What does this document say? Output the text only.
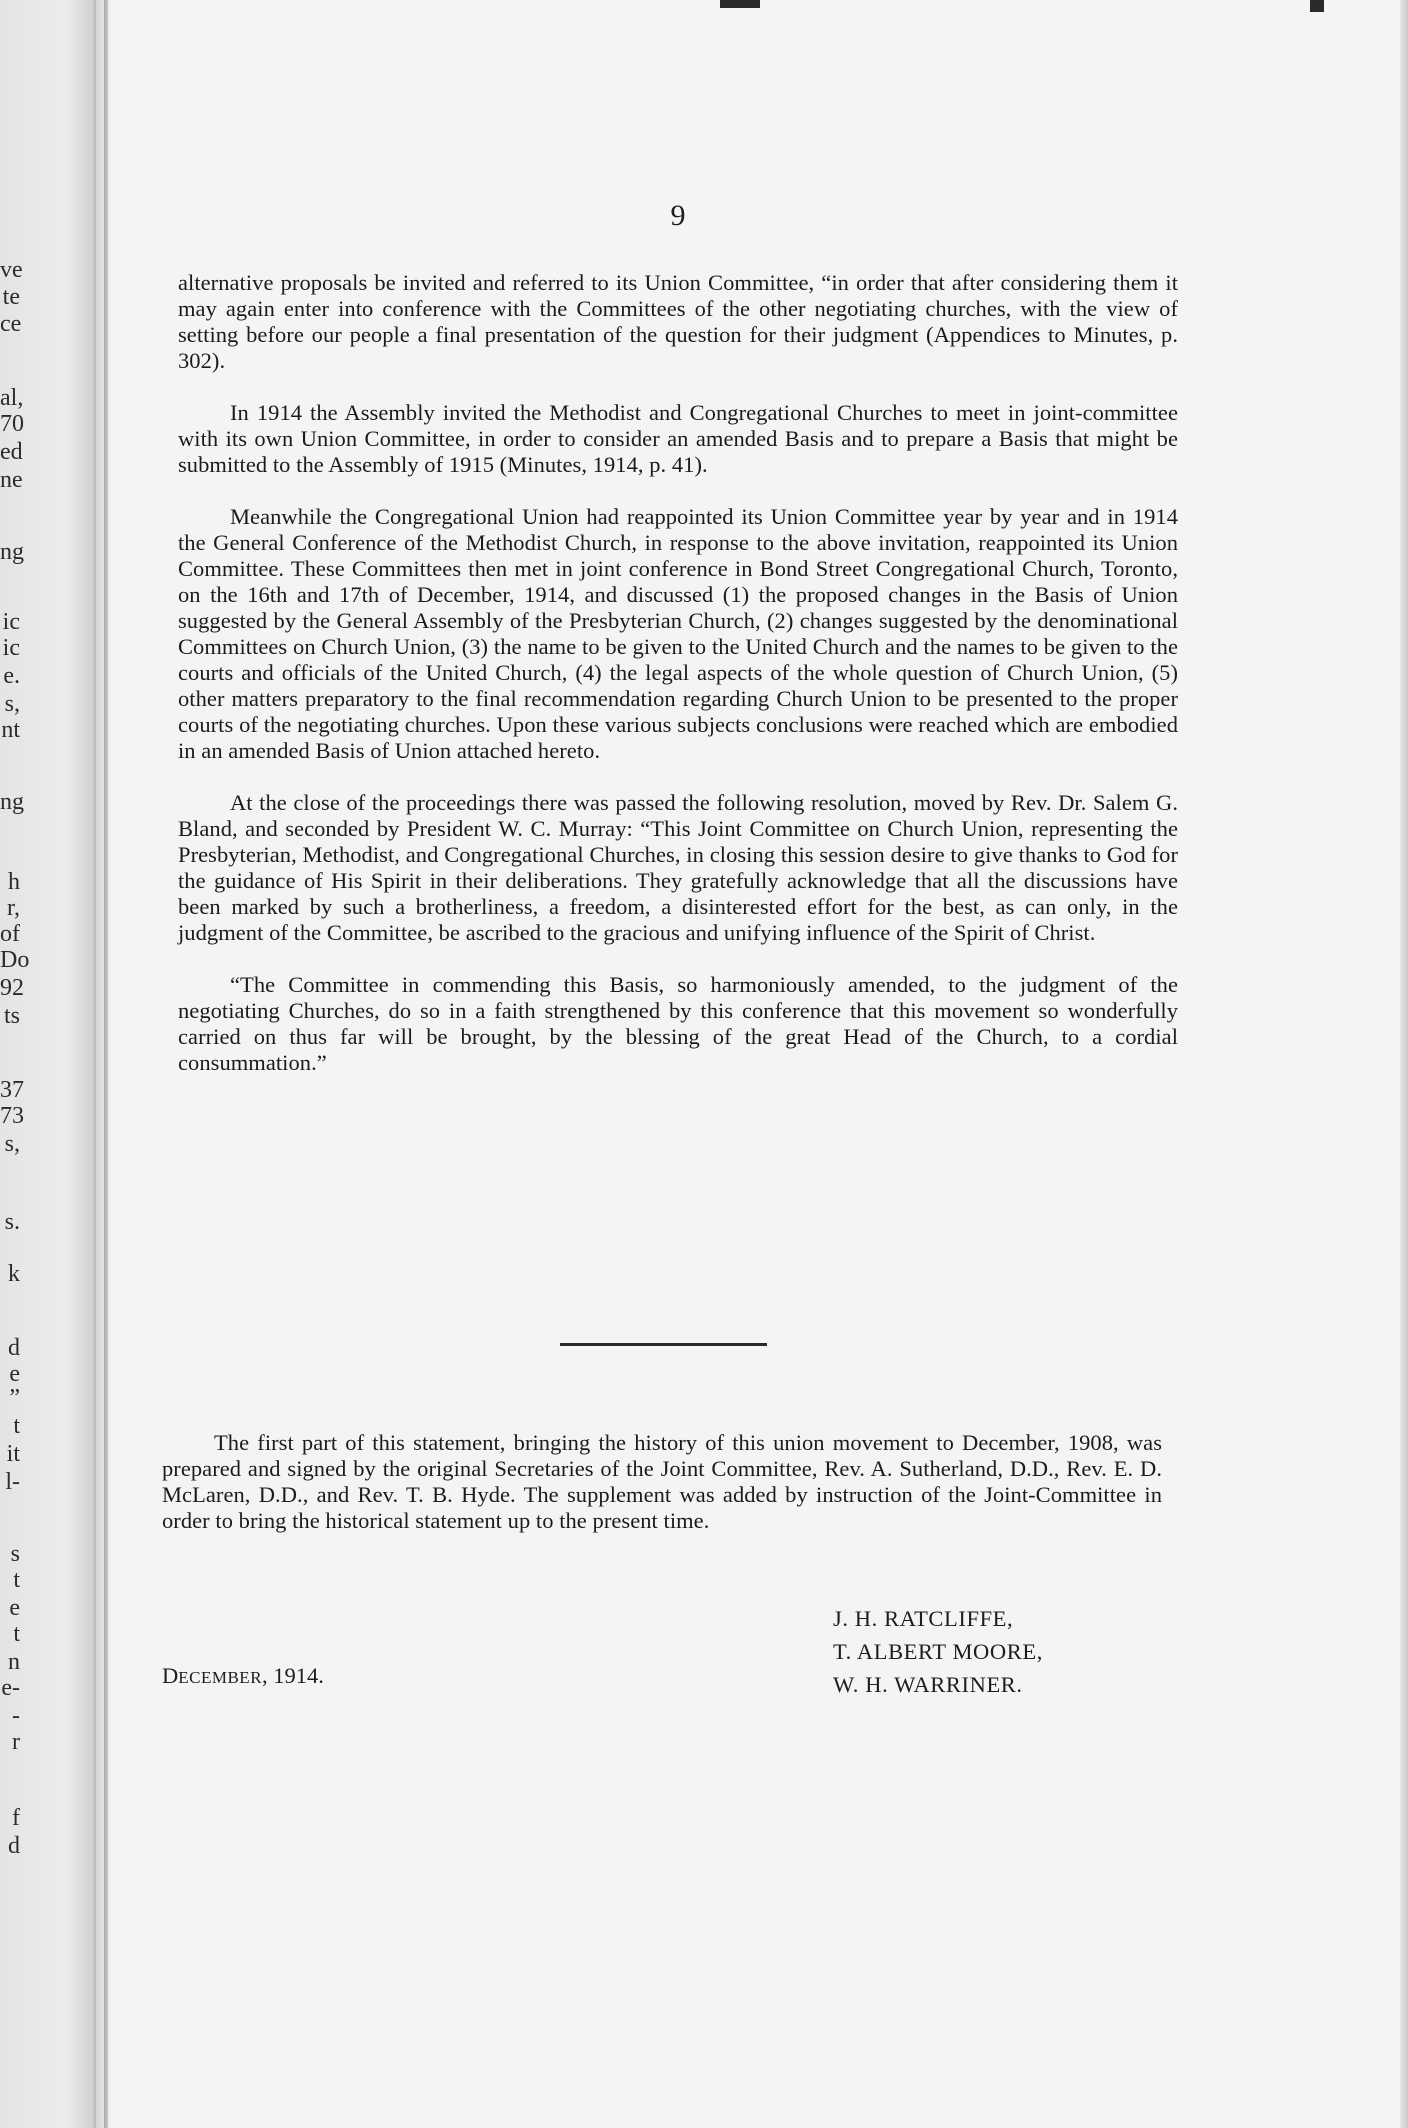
ve
te
ce
al,
70
ed
ne
ng
ic
ic
e.
s,
nt
ng
h
r,
of
Do
92
ts
37
73
s,
s.
k
d
e
”
t
it
l-
s
t
e
t
n
e-
-
r
f
d
9

alternative proposals be invited and referred to its Union Committee, “in order that after considering them it may again enter into conference with the Committees of the other negotiating churches, with the view of setting before our people a final presentation of the question for their judgment (Appendices to Minutes, p. 302).

In 1914 the Assembly invited the Methodist and Congregational Churches to meet in joint-committee with its own Union Committee, in order to consider an amended Basis and to prepare a Basis that might be submitted to the Assembly of 1915 (Minutes, 1914, p. 41).

Meanwhile the Congregational Union had reappointed its Union Committee year by year and in 1914 the General Conference of the Methodist Church, in response to the above invitation, reappointed its Union Committee. These Committees then met in joint conference in Bond Street Congregational Church, Toronto, on the 16th and 17th of December, 1914, and discussed (1) the proposed changes in the Basis of Union suggested by the General Assembly of the Presbyterian Church, (2) changes suggested by the denominational Committees on Church Union, (3) the name to be given to the United Church and the names to be given to the courts and officials of the United Church, (4) the legal aspects of the whole question of Church Union, (5) other matters preparatory to the final recommendation regarding Church Union to be presented to the proper courts of the negotiating churches. Upon these various subjects conclusions were reached which are embodied in an amended Basis of Union attached hereto.

At the close of the proceedings there was passed the following resolution, moved by Rev. Dr. Salem G. Bland, and seconded by President W. C. Murray: “This Joint Committee on Church Union, representing the Presbyterian, Methodist, and Congregational Churches, in closing this session desire to give thanks to God for the guidance of His Spirit in their deliberations. They gratefully acknowledge that all the discussions have been marked by such a brotherliness, a freedom, a disinterested effort for the best, as can only, in the judgment of the Committee, be ascribed to the gracious and unifying influence of the Spirit of Christ.

“The Committee in commending this Basis, so harmoniously amended, to the judgment of the negotiating Churches, do so in a faith strengthened by this conference that this movement so wonderfully carried on thus far will be brought, by the blessing of the great Head of the Church, to a cordial consummation.”

The first part of this statement, bringing the history of this union movement to December, 1908, was prepared and signed by the original Secretaries of the Joint Committee, Rev. A. Sutherland, D.D., Rev. E. D. McLaren, D.D., and Rev. T. B. Hyde. The supplement was added by instruction of the Joint-Committee in order to bring the historical statement up to the present time.

J. H. RATCLIFFE,
T. ALBERT MOORE,
W. H. WARRINER.
DECEMBER, 1914.
